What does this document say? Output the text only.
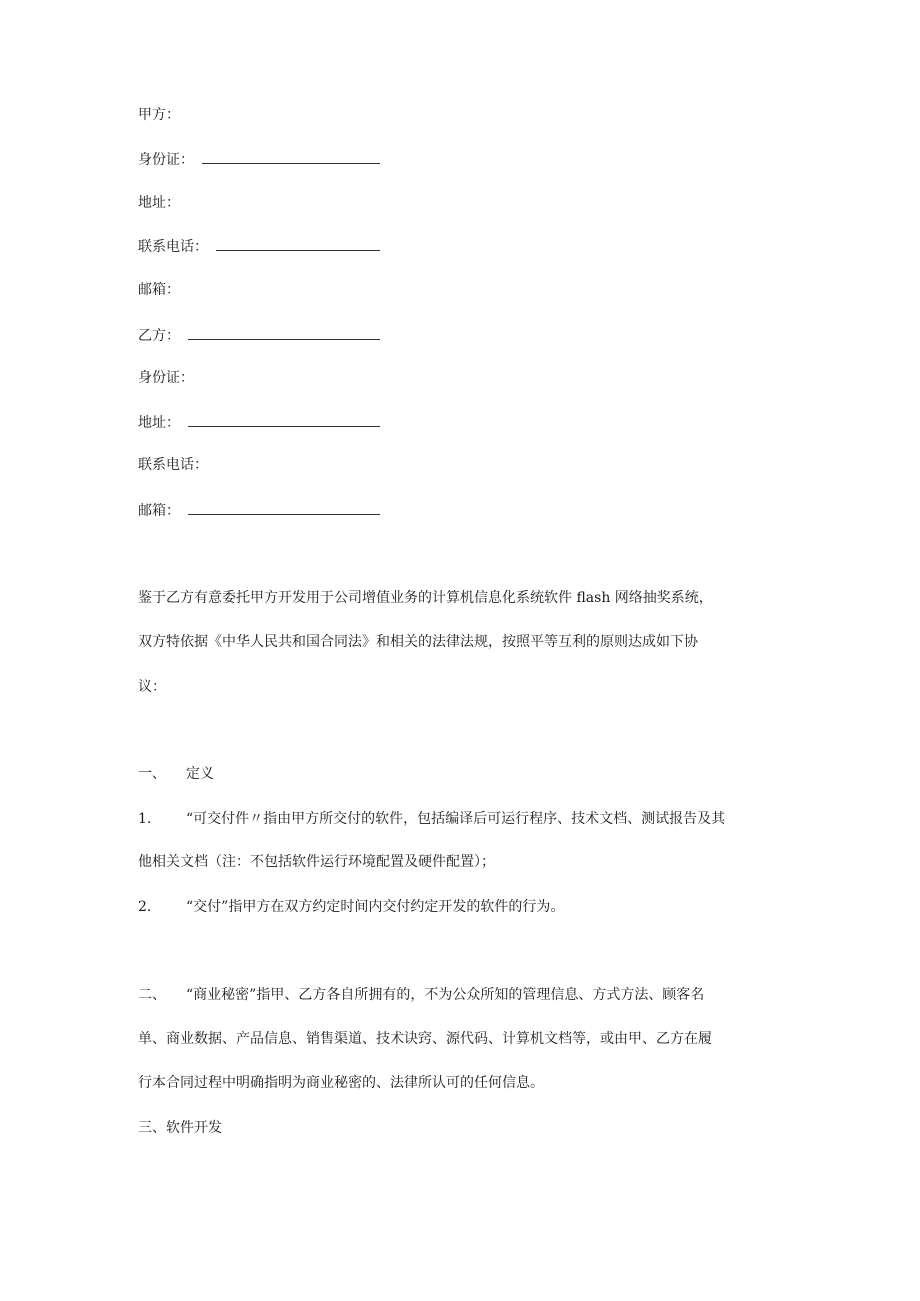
甲方：
身份证：
地址：
联系电话：
邮箱：
乙方：
身份证：
地址：
联系电话：
邮箱：
鉴于乙方有意委托甲方开发用于公司增值业务的计算机信息化系统软件 flash 网络抽奖系统，
双方特依据《中华人民共和国合同法》和相关的法律法规，按照平等互利的原则达成如下协
议：
一、 定义
1. “可交付件〃指由甲方所交付的软件，包括编译后可运行程序、技术文档、测试报告及其
他相关文档（注：不包括软件运行环境配置及硬件配置）；
2. “交付”指甲方在双方约定时间内交付约定开发的软件的行为。
二、 “商业秘密”指甲、乙方各自所拥有的，不为公众所知的管理信息、方式方法、顾客名
单、商业数据、产品信息、销售渠道、技术诀窍、源代码、计算机文档等，或由甲、乙方在履
行本合同过程中明确指明为商业秘密的、法律所认可的任何信息。
三、软件开发
